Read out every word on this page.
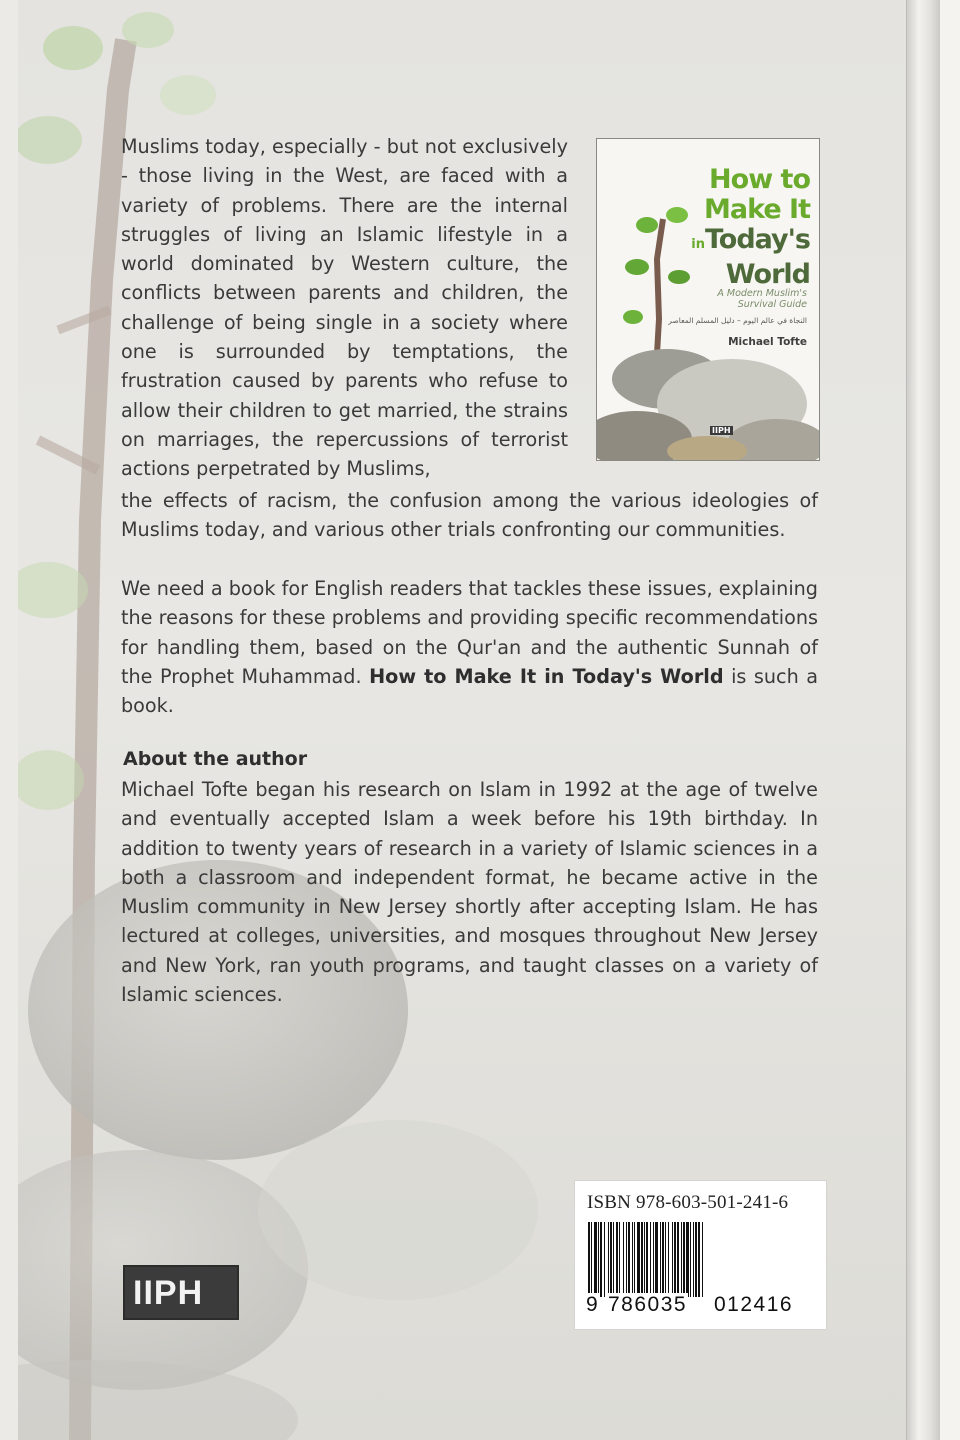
How to
Make It
inToday's
World
A Modern Muslim's
Survival Guide
النجاة في عالم اليوم – دليل المسلم المعاصر
Michael Tofte
IIPH
Muslims today, especially - but not exclusively - those living in the West, are faced with a variety of problems. There are the internal struggles of living an Islamic lifestyle in a world dominated by Western culture, the conflicts between parents and children, the challenge of being single in a society where one is surrounded by temptations, the frustration caused by parents who refuse to allow their children to get married, the strains on marriages, the repercussions of terrorist actions perpetrated by Muslims,
the effects of racism, the confusion among the various ideologies of Muslims today, and various other trials confronting our communities.
We need a book for English readers that tackles these issues, explaining the reasons for these problems and providing specific recommendations for handling them, based on the Qur'an and the authentic Sunnah of the Prophet Muhammad. How to Make It in Today's World is such a book.
About the author
Michael Tofte began his research on Islam in 1992 at the age of twelve and eventually accepted Islam a week before his 19th birthday. In addition to twenty years of research in a variety of Islamic sciences in a both a classroom and independent format, he became active in the Muslim community in New Jersey shortly after accepting Islam. He has lectured at colleges, universities, and mosques throughout New Jersey and New York, ran youth programs, and taught classes on a variety of Islamic sciences.
IIPH
ISBN 978-603-501-241-6
9 786035 012416
